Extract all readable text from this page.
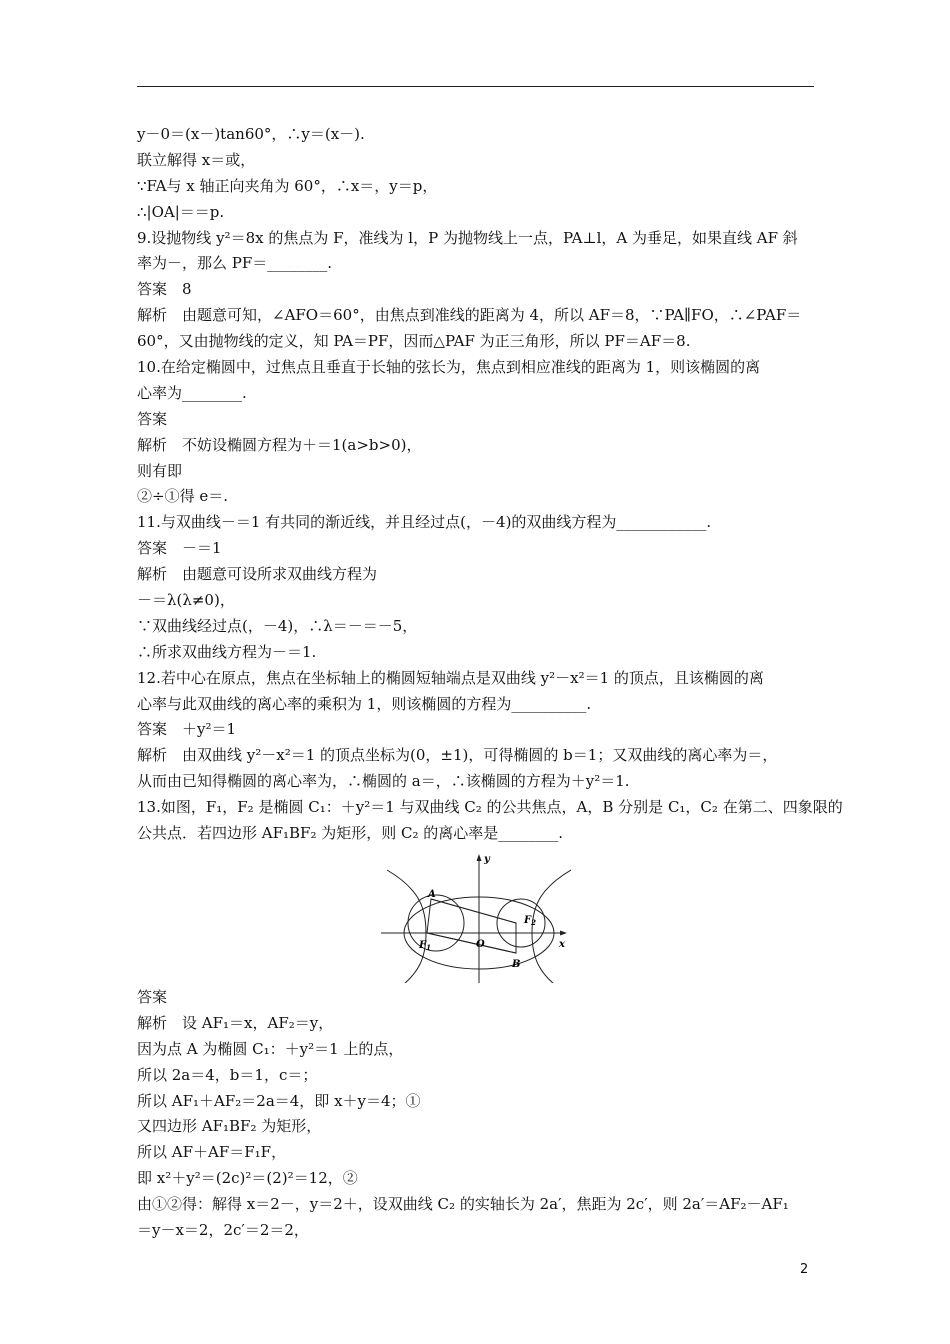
y－0＝(x－)tan60°，∴y＝(x－).
联立解得 x＝或，
∵FA与 x 轴正向夹角为 60°，∴x＝，y＝p，
∴|OA|＝＝p.
9.设抛物线 y²＝8x 的焦点为 F，准线为 l，P 为抛物线上一点，PA⊥l，A 为垂足，如果直线 AF 斜
率为－，那么 PF＝________.
答案　8
解析　由题意可知，∠AFO＝60°，由焦点到准线的距离为 4，所以 AF＝8，∵PA∥FO，∴∠PAF＝
60°，又由抛物线的定义，知 PA＝PF，因而△PAF 为正三角形，所以 PF＝AF＝8.
10.在给定椭圆中，过焦点且垂直于长轴的弦长为，焦点到相应准线的距离为 1，则该椭圆的离
心率为________.
答案
解析　不妨设椭圆方程为＋＝1(a>b>0)，
则有即
②÷①得 e＝.
11.与双曲线－＝1 有共同的渐近线，并且经过点(，－4)的双曲线方程为____________.
答案　－＝1
解析　由题意可设所求双曲线方程为
－＝λ(λ≠0)，
∵双曲线经过点(，－4)，∴λ＝－＝－5，
∴所求双曲线方程为－＝1.
12.若中心在原点，焦点在坐标轴上的椭圆短轴端点是双曲线 y²－x²＝1 的顶点，且该椭圆的离
心率与此双曲线的离心率的乘积为 1，则该椭圆的方程为__________.
答案　＋y²＝1
解析　由双曲线 y²－x²＝1 的顶点坐标为(0，±1)，可得椭圆的 b＝1；又双曲线的离心率为＝，
从而由已知得椭圆的离心率为，∴椭圆的 a＝，∴该椭圆的方程为＋y²＝1.
13.如图，F₁，F₂ 是椭圆 C₁：＋y²＝1 与双曲线 C₂ 的公共焦点，A，B 分别是 C₁，C₂ 在第二、四象限的
公共点．若四边形 AF₁BF₂ 为矩形，则 C₂ 的离心率是________.
y
x
O
A
B
$F_1$
$F_2$
答案
解析　设 AF₁＝x，AF₂＝y，
因为点 A 为椭圆 C₁：＋y²＝1 上的点，
所以 2a＝4，b＝1，c＝；
所以 AF₁＋AF₂＝2a＝4，即 x＋y＝4；①
又四边形 AF₁BF₂ 为矩形，
所以 AF＋AF＝F₁F，
即 x²＋y²＝(2c)²＝(2)²＝12，②
由①②得：解得 x＝2－，y＝2＋，设双曲线 C₂ 的实轴长为 2a′，焦距为 2c′，则 2a′＝AF₂－AF₁
＝y－x＝2，2c′＝2＝2，
2
